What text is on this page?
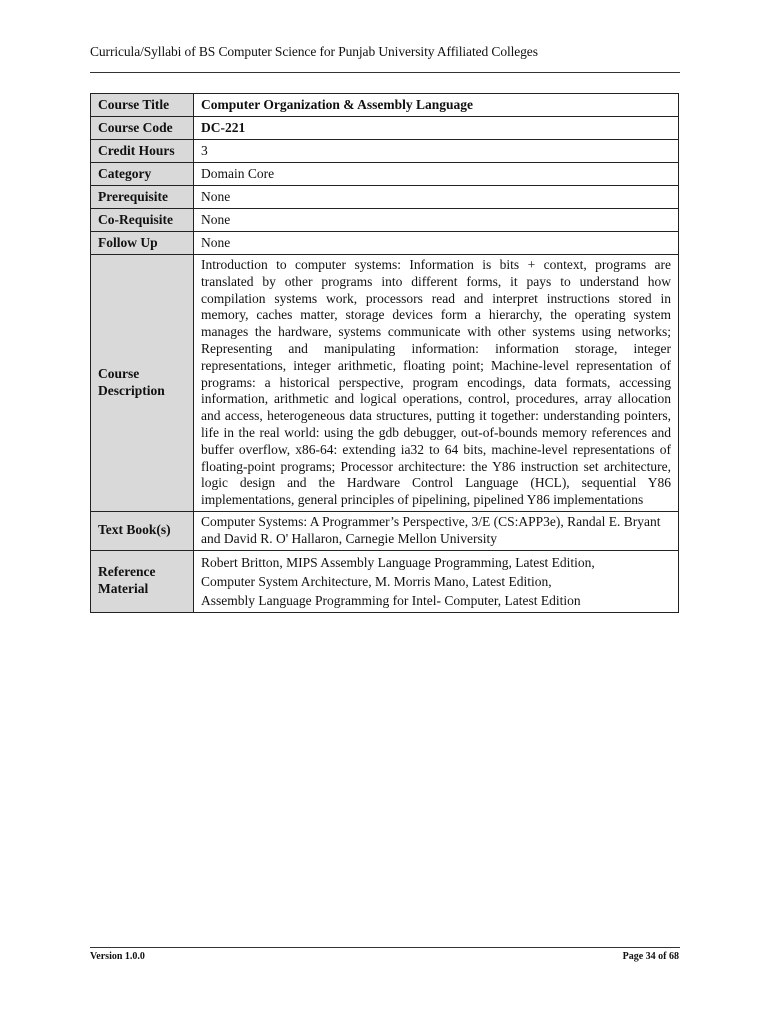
Curricula/Syllabi of BS Computer Science for Punjab University Affiliated Colleges
Course Title	Computer Organization & Assembly Language
Course Code	DC-221
Credit Hours	3
Category	Domain Core
Prerequisite	None
Co-Requisite	None
Follow Up	None
Course Description	Introduction to computer systems: Information is bits + context, programs are translated by other programs into different forms, it pays to understand how compilation systems work, processors read and interpret instructions stored in memory, caches matter, storage devices form a hierarchy, the operating system manages the hardware, systems communicate with other systems using networks; Representing and manipulating information: information storage, integer representations, integer arithmetic, floating point; Machine-level representation of programs: a historical perspective, program encodings, data formats, accessing information, arithmetic and logical operations, control, procedures, array allocation and access, heterogeneous data structures, putting it together: understanding pointers, life in the real world: using the gdb debugger, out-of-bounds memory references and buffer overflow, x86-64: extending ia32 to 64 bits, machine-level representations of floating-point programs; Processor architecture: the Y86 instruction set architecture, logic design and the Hardware Control Language (HCL), sequential Y86 implementations, general principles of pipelining, pipelined Y86 implementations
Text Book(s)	Computer Systems: A Programmer’s Perspective, 3/E (CS:APP3e), Randal E. Bryant and David R. O' Hallaron, Carnegie Mellon University
Reference Material	Robert Britton, MIPS Assembly Language Programming, Latest Edition,
Computer System Architecture, M. Morris Mano, Latest Edition,
Assembly Language Programming for Intel- Computer, Latest Edition
Version 1.0.0	Page 34 of 68
